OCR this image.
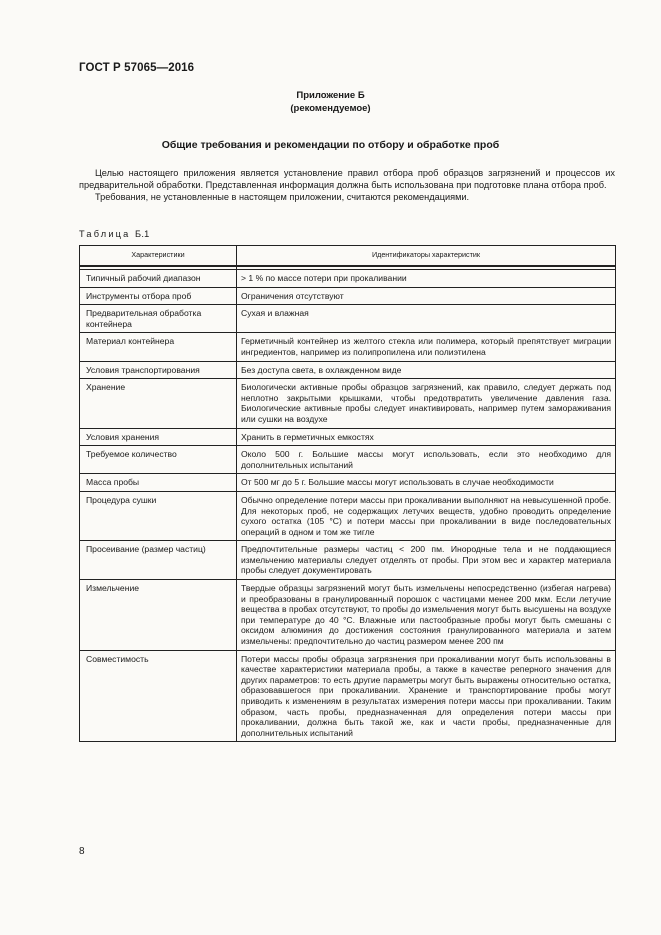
ГОСТ Р 57065—2016
Приложение Б
(рекомендуемое)
Общие требования и рекомендации по отбору и обработке проб

Целью настоящего приложения является установление правил отбора проб образцов загрязнений и процессов их предварительной обработки. Представленная информация должна быть использована при подготовке плана отбора проб.

Требования, не установленные в настоящем приложении, считаются рекомендациями.

Таблица Б.1
Характеристики	Идентификаторы характеристик

Типичный рабочий диапазон	> 1 % по массе потери при прокаливании
Инструменты отбора проб	Ограничения отсутствуют
Предварительная обработка контейнера	Сухая и влажная
Материал контейнера	Герметичный контейнер из желтого стекла или полимера, который препятствует миграции ингредиентов, например из полипропилена или полиэтилена
Условия транспортирования	Без доступа света, в охлажденном виде
Хранение	Биологически активные пробы образцов загрязнений, как правило, следует держать под неплотно закрытыми крышками, чтобы предотвратить увеличение давления газа. Биологические активные пробы следует инактивировать, например путем замораживания или сушки на воздухе
Условия хранения	Хранить в герметичных емкостях
Требуемое количество	Около 500 г. Большие массы могут использовать, если это необходимо для дополнительных испытаний
Масса пробы	От 500 мг до 5 г. Большие массы могут использовать в случае необходимости
Процедура сушки	Обычно определение потери массы при прокаливании выполняют на невысушенной пробе. Для некоторых проб, не содержащих летучих веществ, удобно проводить определение сухого остатка (105 °С) и потери массы при прокаливании в виде последовательных операций в одном и том же тигле
Просеивание (размер частиц)	Предпочтительные размеры частиц < 200 пм. Инородные тела и не поддающиеся измельчению материалы следует отделять от пробы. При этом вес и характер материала пробы следует документировать
Измельчение	Твердые образцы загрязнений могут быть измельчены непосредственно (избегая нагрева) и преобразованы в гранулированный порошок с частицами менее 200 мкм. Если летучие вещества в пробах отсутствуют, то пробы до измельчения могут быть высушены на воздухе при температуре до 40 °С. Влажные или пастообразные пробы могут быть смешаны с оксидом алюминия до достижения состояния гранулированного материала и затем измельчены: предпочтительно до частиц размером менее 200 пм
Совместимость	Потери массы пробы образца загрязнения при прокаливании могут быть использованы в качестве характеристики материала пробы, а также в качестве реперного значения для других параметров: то есть другие параметры могут быть выражены относительно остатка, образовавшегося при прокаливании. Хранение и транспортирование пробы могут приводить к изменениям в результатах измерения потери массы при прокаливании. Таким образом, часть пробы, предназначенная для определения потери массы при прокаливании, должна быть такой же, как и части пробы, предназначенные для дополнительных испытаний
8
